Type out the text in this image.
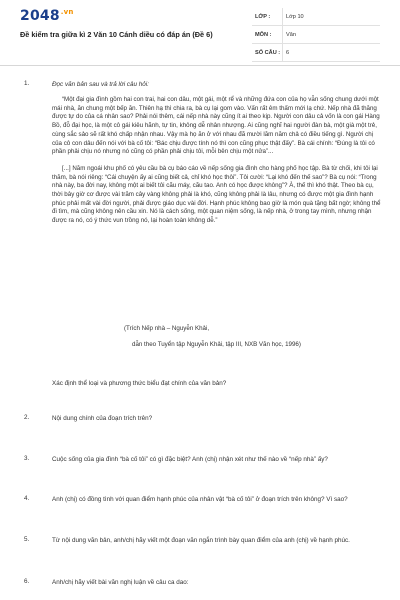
$2048^{.vn}$
Đề kiểm tra giữa kì 2 Văn 10 Cánh diều có đáp án (Đề 6)
LỚP :	Lớp 10
MÔN :	Văn
SỐ CÂU :	6
1.	Đọc văn bản sau và trả lời câu hỏi:

“Một đại gia đình gồm hai con trai, hai con dâu, một gái, một rể và những đứa con của họ vẫn sống chung dưới một mái nhà, ăn chung một bếp ăn. Thiên hạ thì chia ra, bà cụ lại gom vào. Vấn rất êm thấm mới lạ chứ. Nếp nhà đã thăng được tự do của cá nhân sao? Phải nói thêm, cái nếp nhà này cũng ít ai theo kịp. Người con dâu cả vốn là con gái Hàng Bồ, đỗ đại học, là một cô gái kiêu hãnh, tự tin, không dễ nhân nhượng. Ai cũng nghĩ hai người đàn bà, một già một trẻ, cùng sắc sảo sẽ rất khó chấp nhận nhau. Vậy mà họ ăn ở với nhau đã mười lăm năm chả có điều tiếng gì. Người chị của cô con dâu đến nói với bà cố tôi: “Bác chịu được tính nó thì con cũng phục thật đấy”. Bà cái chính: “Đúng là tôi có phần phải chịu nó nhưng nó cũng có phần phải chịu tôi, mỗi bên chịu một nửa”...

[...] Năm ngoái khu phố có yêu cầu bà cụ báo cáo về nếp sống gia đình cho hàng phố học tập. Bà từ chối, khi tôi lại thăm, bà nói riêng: “Cái chuyện ấy ai cũng biết cả, chỉ khó học thôi”. Tôi cười: “Lại khó đến thế sao”? Bà cụ nói: “Trong nhà này, ba đời nay, không một ai biết tôi cãu máy, cãu tao. Anh có học được không”? À, thế thì khó thật. Theo bà cụ, thời bây giờ cơ được vài trăm cây vàng không phải là khó, cũng không phải là lâu, nhưng có được một gia đình hạnh phúc phải mất vài đời người, phải được giáo dục vài đời. Hạnh phúc không bao giờ là món quà tặng bất ngờ; không thể đi tìm, mà cũng không nên cầu xin. Nó là cách sống, một quan niệm sống, là nếp nhà, ở trong tay mình, nhưng nhận được ra nó, có ý thức vun trồng nó, lại hoàn toàn không dễ.”

(Trích Nếp nhà – Nguyễn Khải,
dẫn theo Tuyển tập Nguyễn Khải, tập III, NXB Văn học, 1996)
Xác định thể loại và phương thức biểu đạt chính của văn bản?
2.	Nội dung chính của đoạn trích trên?
3.	Cuộc sống của gia đình “bà cố tôi” có gì đặc biệt? Anh (chị) nhận xét như thế nào về “nếp nhà” ấy?
4.	Anh (chị) có đồng tình với quan điểm hạnh phúc của nhân vật “bà cố tôi” ở đoạn trích trên không? Vì sao?
5.	Từ nội dung văn bản, anh/chị hãy viết một đoạn văn ngắn trình bày quan điểm của anh (chị) về hạnh phúc.
6.	Anh/chị hãy viết bài văn nghị luận về câu ca dao:
